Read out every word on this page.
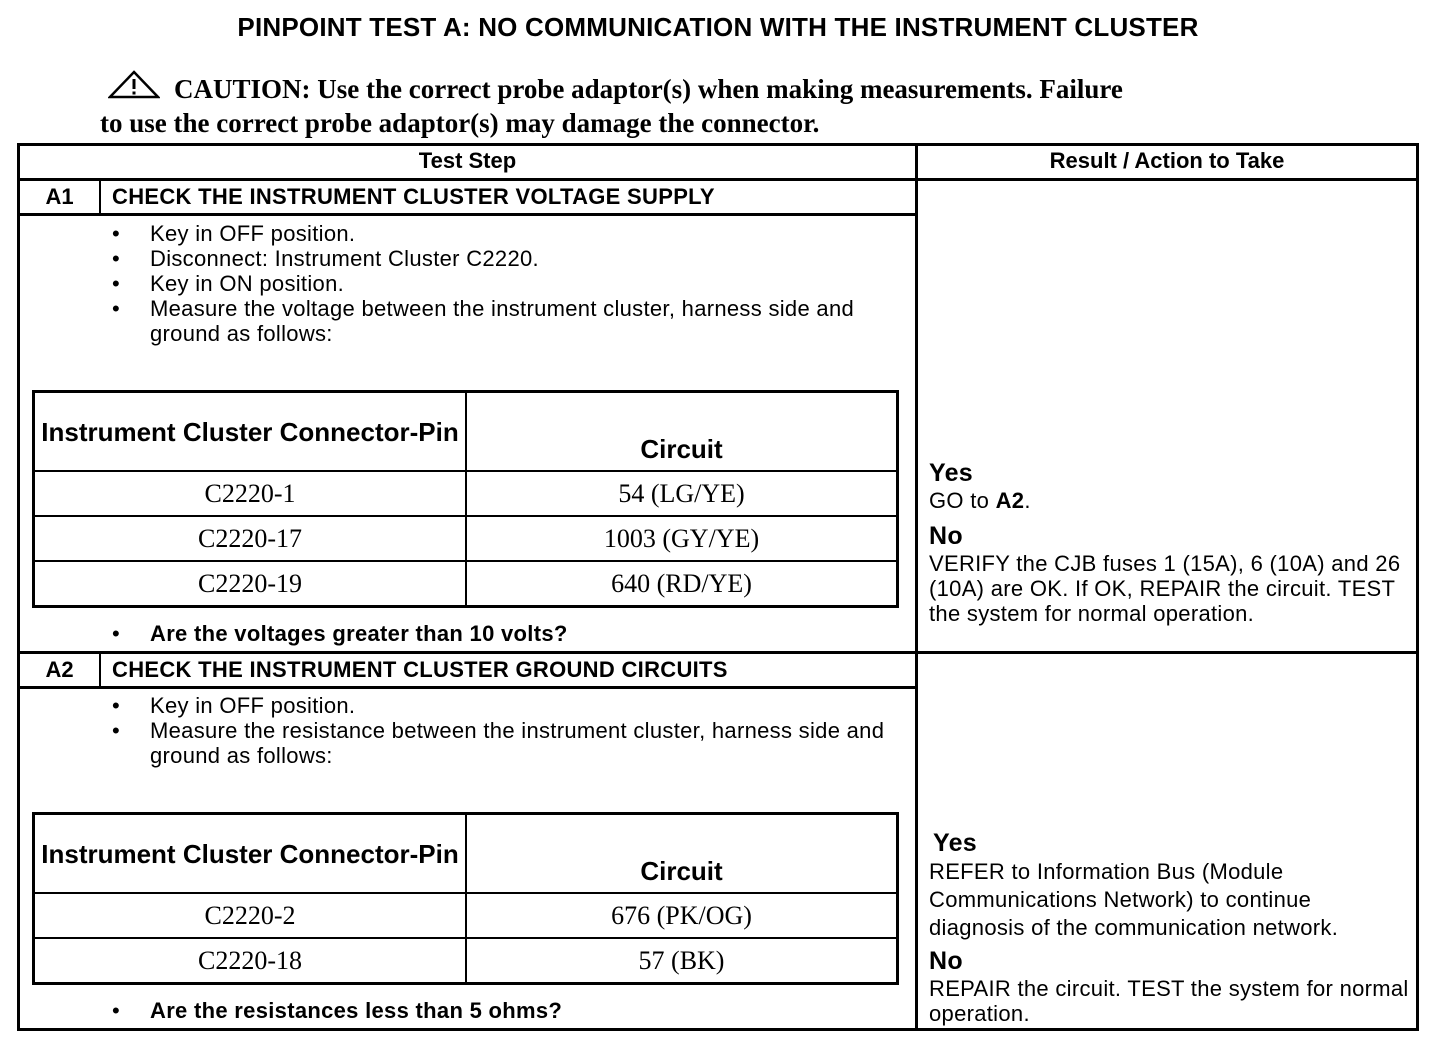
PINPOINT TEST A: NO COMMUNICATION WITH THE INSTRUMENT CLUSTER
CAUTION: Use the correct probe adaptor(s) when making measurements. Failure
to use the correct probe adaptor(s) may damage the connector.
Test Step	Result / Action to Take
A1	CHECK THE INSTRUMENT CLUSTER VOLTAGE SUPPLY
• Key in OFF position.
• Disconnect: Instrument Cluster C2220.
• Key in ON position.
• Measure the voltage between the instrument cluster, harness side and ground as follows:
Instrument Cluster Connector-Pin	Circuit
C2220-1	54 (LG/YE)
C2220-17	1003 (GY/YE)
C2220-19	640 (RD/YE)
• Are the voltages greater than 10 volts?
Yes
GO to A2.
No
VERIFY the CJB fuses 1 (15A), 6 (10A) and 26 (10A) are OK. If OK, REPAIR the circuit. TEST the system for normal operation.
A2	CHECK THE INSTRUMENT CLUSTER GROUND CIRCUITS
• Key in OFF position.
• Measure the resistance between the instrument cluster, harness side and ground as follows:
Instrument Cluster Connector-Pin	Circuit
C2220-2	676 (PK/OG)
C2220-18	57 (BK)
• Are the resistances less than 5 ohms?
Yes
REFER to Information Bus (Module Communications Network) to continue diagnosis of the communication network.
No
REPAIR the circuit. TEST the system for normal operation.
